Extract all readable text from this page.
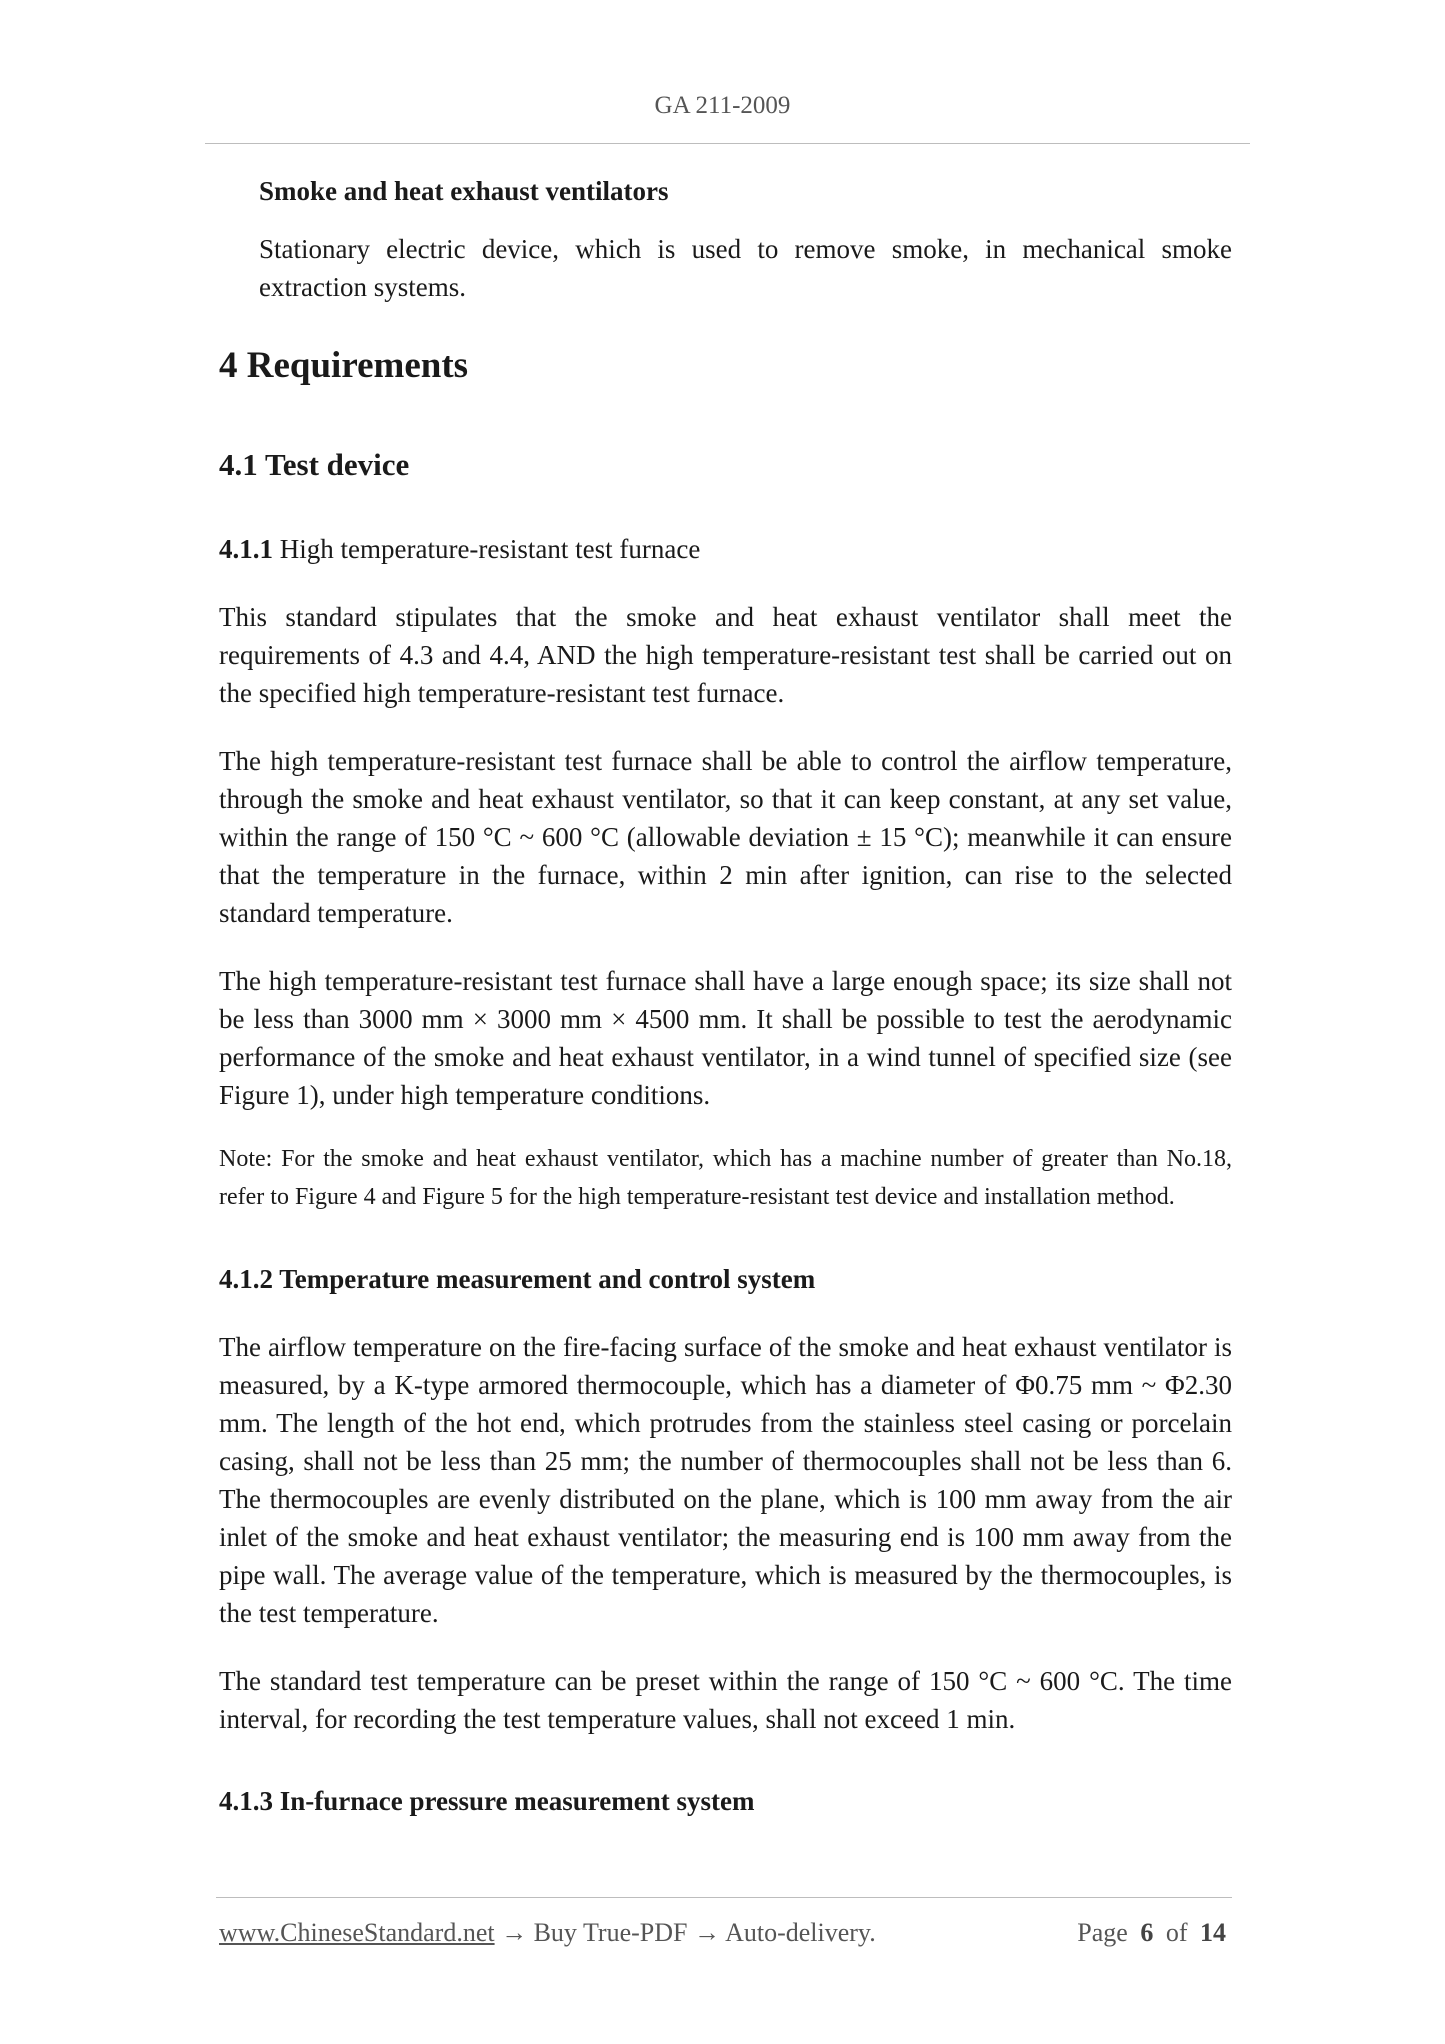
GA 211-2009
Smoke and heat exhaust ventilators

Stationary electric device, which is used to remove smoke, in mechanical smoke extraction systems.

4 Requirements
4.1 Test device
4.1.1 High temperature-resistant test furnace

This standard stipulates that the smoke and heat exhaust ventilator shall meet the requirements of 4.3 and 4.4, AND the high temperature-resistant test shall be carried out on the specified high temperature-resistant test furnace.

The high temperature-resistant test furnace shall be able to control the airflow temperature, through the smoke and heat exhaust ventilator, so that it can keep constant, at any set value, within the range of 150 °C ~ 600 °C (allowable deviation ± 15 °C); meanwhile it can ensure that the temperature in the furnace, within 2 min after ignition, can rise to the selected standard temperature.

The high temperature-resistant test furnace shall have a large enough space; its size shall not be less than 3000 mm × 3000 mm × 4500 mm. It shall be possible to test the aerodynamic performance of the smoke and heat exhaust ventilator, in a wind tunnel of specified size (see Figure 1), under high temperature conditions.

Note: For the smoke and heat exhaust ventilator, which has a machine number of greater than No.18, refer to Figure 4 and Figure 5 for the high temperature-resistant test device and installation method.

4.1.2 Temperature measurement and control system

The airflow temperature on the fire-facing surface of the smoke and heat exhaust ventilator is measured, by a K-type armored thermocouple, which has a diameter of Φ0.75 mm ~ Φ2.30 mm. The length of the hot end, which protrudes from the stainless steel casing or porcelain casing, shall not be less than 25 mm; the number of thermocouples shall not be less than 6. The thermocouples are evenly distributed on the plane, which is 100 mm away from the air inlet of the smoke and heat exhaust ventilator; the measuring end is 100 mm away from the pipe wall. The average value of the temperature, which is measured by the thermocouples, is the test temperature.

The standard test temperature can be preset within the range of 150 °C ~ 600 °C. The time interval, for recording the test temperature values, shall not exceed 1 min.

4.1.3 In-furnace pressure measurement system
www.ChineseStandard.net → Buy True-PDF → Auto-delivery.	Page 6 of 14
